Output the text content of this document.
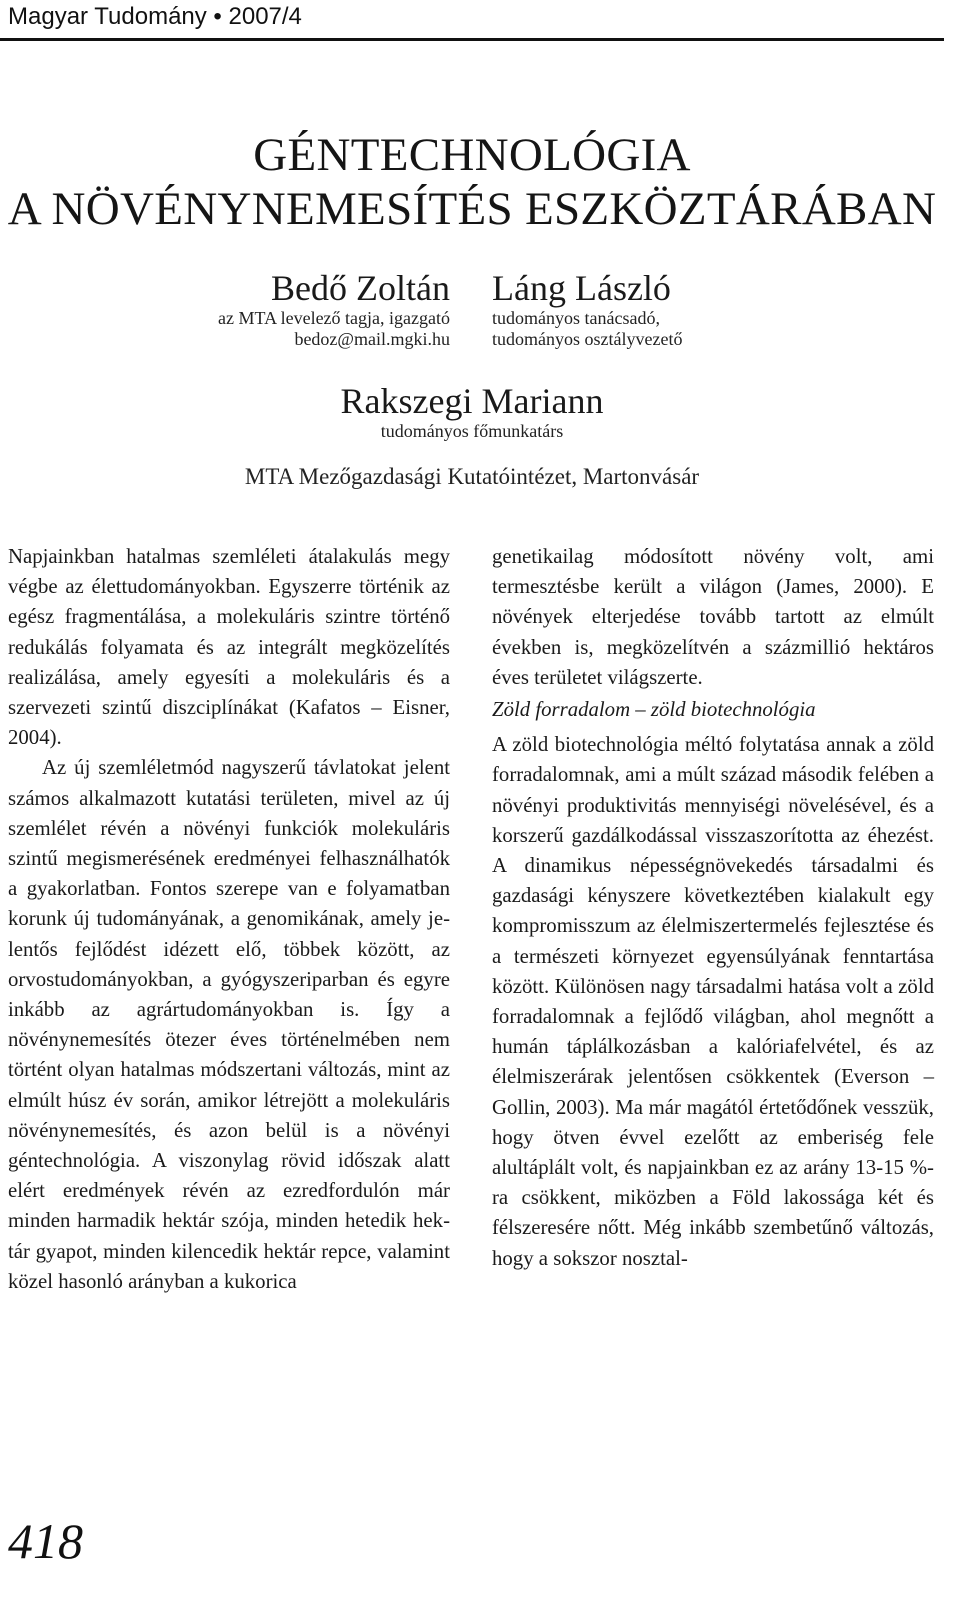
Magyar Tudomány • 2007/4
GÉNTECHNOLÓGIA
A NÖVÉNYNEMESÍTÉS ESZKÖZTÁRÁBAN
Bedő Zoltán
az MTA levelező tagja, igazgató
bedoz@mail.mgki.hu
Láng László
tudományos tanácsadó,
tudományos osztályvezető
Rakszegi Mariann
tudományos főmunkatárs
MTA Mezőgazdasági Kutatóintézet, Martonvásár

Napjainkban hatalmas szemléleti átalakulás megy végbe az élettudományokban. Egyszerre történik az egész fragmentálása, a molekuláris szintre történő redukálás folyamata és az integrált megközelítés realizálása, amely egyesíti a molekuláris és a szervezeti szintű diszciplínákat (Kafatos – Eisner, 2004).

Az új szemléletmód nagyszerű távlatokat jelent számos alkalmazott kutatási területen, mivel az új szemlélet révén a növényi funkciók molekuláris szintű megismerésének eredményei felhasználhatók a gyakorlatban. Fontos szerepe van e folyamatban korunk új tudományának, a genomikának, amely jelentős fejlődést idézett elő, többek között, az orvostudományokban, a gyógyszeriparban és egyre inkább az agrártudományokban is. Így a növénynemesítés ötezer éves történelmében nem történt olyan hatalmas módszertani változás, mint az elmúlt húsz év során, amikor létrejött a molekuláris növénynemesítés, és azon belül is a növényi géntechnológia. A viszonylag rövid időszak alatt elért eredmények révén az ezredfordulón már minden harmadik hektár szója, minden hetedik hektár gyapot, minden kilencedik hektár repce, valamint közel hasonló arányban a kukorica

genetikailag módosított növény volt, ami termesztésbe került a világon (James, 2000). E növények elterjedése tovább tartott az elmúlt években is, megközelítvén a százmillió hektáros éves területet világszerte.

Zöld forradalom – zöld biotechnológia

A zöld biotechnológia méltó folytatása annak a zöld forradalomnak, ami a múlt század második felében a növényi produktivitás mennyiségi növelésével, és a korszerű gazdálkodással visszaszorította az éhezést. A dinamikus népességnövekedés társadalmi és gazdasági kényszere következtében kialakult egy kompromisszum az élelmiszertermelés fejlesztése és a természeti környezet egyensúlyának fenntartása között. Különösen nagy társadalmi hatása volt a zöld forradalomnak a fejlődő világban, ahol megnőtt a humán táplálkozásban a kalóriafelvétel, és az élelmiszerárak jelentősen csökkentek (Everson – Gollin, 2003). Ma már magától értetődőnek vesszük, hogy ötven évvel ezelőtt az emberiség fele alultáplált volt, és napjainkban ez az arány 13-15 %-ra csökkent, miközben a Föld lakossága két és félszeresére nőtt. Még inkább szembetűnő változás, hogy a sokszor nosztal-

418
